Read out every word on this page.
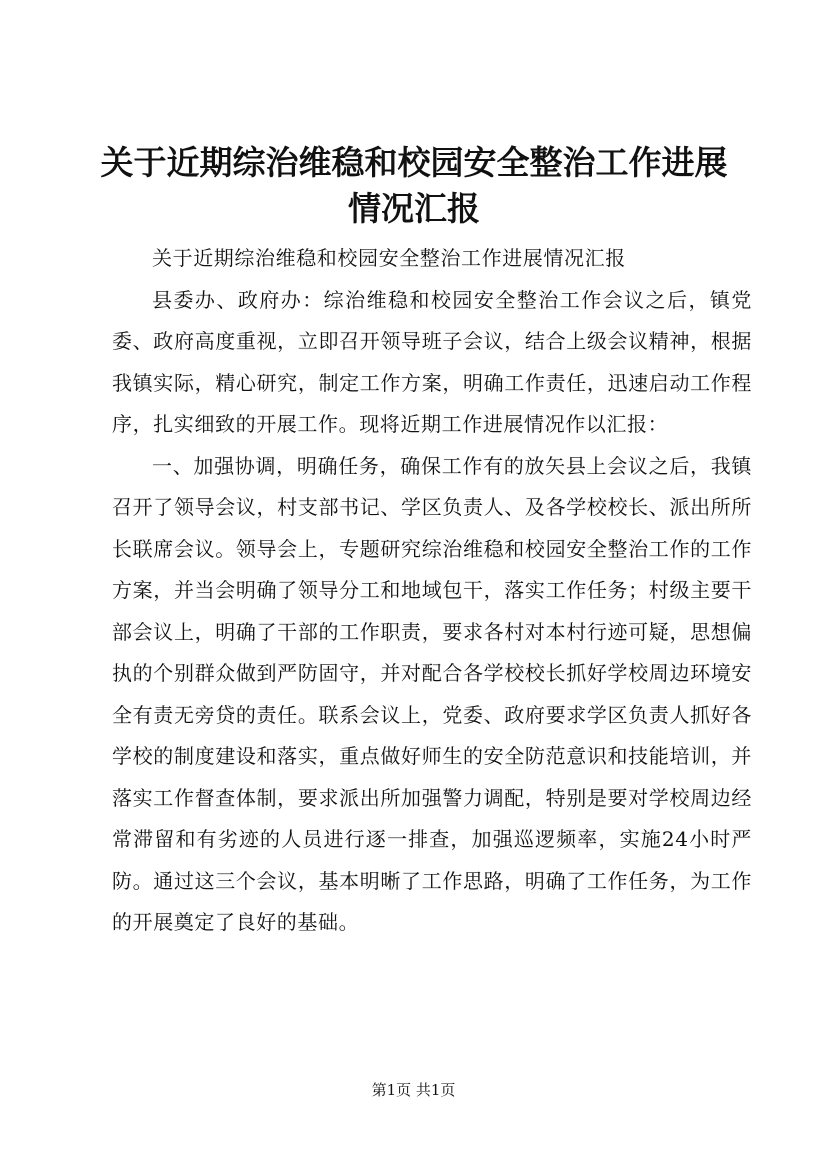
关于近期综治维稳和校园安全整治工作进展情况汇报

关于近期综治维稳和校园安全整治工作进展情况汇报

县委办、政府办：综治维稳和校园安全整治工作会议之后，镇党委、政府高度重视，立即召开领导班子会议，结合上级会议精神，根据我镇实际，精心研究，制定工作方案，明确工作责任，迅速启动工作程序，扎实细致的开展工作。现将近期工作进展情况作以汇报：

一、加强协调，明确任务，确保工作有的放矢县上会议之后，我镇召开了领导会议，村支部书记、学区负责人、及各学校校长、派出所所长联席会议。领导会上，专题研究综治维稳和校园安全整治工作的工作方案，并当会明确了领导分工和地域包干，落实工作任务；村级主要干部会议上，明确了干部的工作职责，要求各村对本村行迹可疑，思想偏执的个别群众做到严防固守，并对配合各学校校长抓好学校周边环境安全有责无旁贷的责任。联系会议上，党委、政府要求学区负责人抓好各学校的制度建设和落实，重点做好师生的安全防范意识和技能培训，并落实工作督查体制，要求派出所加强警力调配，特别是要对学校周边经常滞留和有劣迹的人员进行逐一排查，加强巡逻频率，实施24小时严防。通过这三个会议，基本明晰了工作思路，明确了工作任务，为工作的开展奠定了良好的基础。

第1页 共1页
